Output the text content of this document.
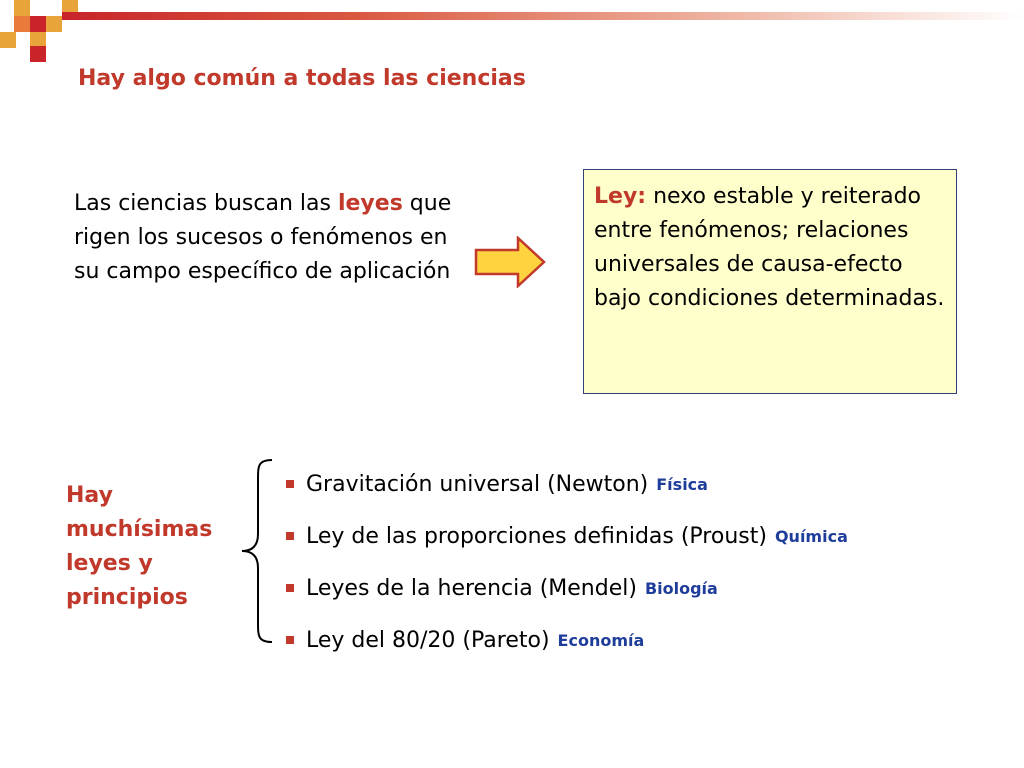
Hay algo común a todas las ciencias
Las ciencias buscan las leyes que rigen los sucesos o fenómenos en su campo específico de aplicación
Ley: nexo estable y reiterado entre fenómenos; relaciones universales de causa-efecto bajo condiciones determinadas.
Hay muchísimas leyes y principios
Gravitación universal (Newton) Física
Ley de las proporciones definidas (Proust) Química
Leyes de la herencia (Mendel) Biología
Ley del 80/20 (Pareto) Economía
